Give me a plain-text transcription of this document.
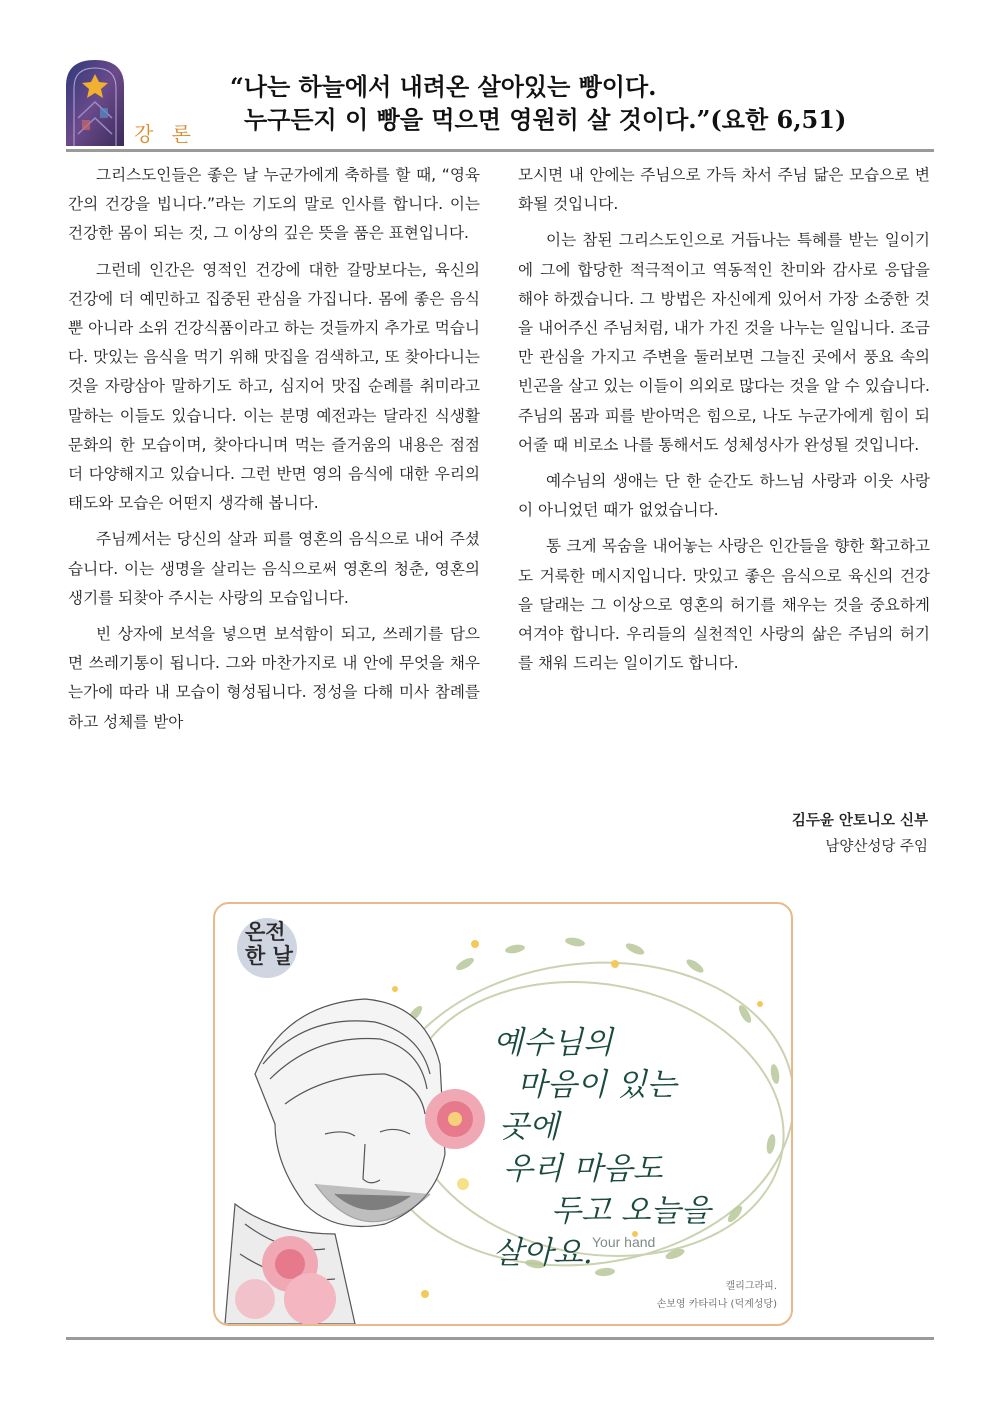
강 론
“나는 하늘에서 내려온 살아있는 빵이다.
누구든지 이 빵을 먹으면 영원히 살 것이다.”(요한 6,51)

그리스도인들은 좋은 날 누군가에게 축하를 할 때, “영육간의 건강을 빕니다.”라는 기도의 말로 인사를 합니다. 이는 건강한 몸이 되는 것, 그 이상의 깊은 뜻을 품은 표현입니다.

그런데 인간은 영적인 건강에 대한 갈망보다는, 육신의 건강에 더 예민하고 집중된 관심을 가집니다. 몸에 좋은 음식뿐 아니라 소위 건강식품이라고 하는 것들까지 추가로 먹습니다. 맛있는 음식을 먹기 위해 맛집을 검색하고, 또 찾아다니는 것을 자랑삼아 말하기도 하고, 심지어 맛집 순례를 취미라고 말하는 이들도 있습니다. 이는 분명 예전과는 달라진 식생활 문화의 한 모습이며, 찾아다니며 먹는 즐거움의 내용은 점점 더 다양해지고 있습니다. 그런 반면 영의 음식에 대한 우리의 태도와 모습은 어떤지 생각해 봅니다.

주님께서는 당신의 살과 피를 영혼의 음식으로 내어 주셨습니다. 이는 생명을 살리는 음식으로써 영혼의 청춘, 영혼의 생기를 되찾아 주시는 사랑의 모습입니다.

빈 상자에 보석을 넣으면 보석함이 되고, 쓰레기를 담으면 쓰레기통이 됩니다. 그와 마찬가지로 내 안에 무엇을 채우는가에 따라 내 모습이 형성됩니다. 정성을 다해 미사 참례를 하고 성체를 받아

모시면 내 안에는 주님으로 가득 차서 주님 닮은 모습으로 변화될 것입니다.

이는 참된 그리스도인으로 거듭나는 특혜를 받는 일이기에 그에 합당한 적극적이고 역동적인 찬미와 감사로 응답을 해야 하겠습니다. 그 방법은 자신에게 있어서 가장 소중한 것을 내어주신 주님처럼, 내가 가진 것을 나누는 일입니다. 조금만 관심을 가지고 주변을 둘러보면 그늘진 곳에서 풍요 속의 빈곤을 살고 있는 이들이 의외로 많다는 것을 알 수 있습니다. 주님의 몸과 피를 받아먹은 힘으로, 나도 누군가에게 힘이 되어줄 때 비로소 나를 통해서도 성체성사가 완성될 것입니다.

예수님의 생애는 단 한 순간도 하느님 사랑과 이웃 사랑이 아니었던 때가 없었습니다.

통 크게 목숨을 내어놓는 사랑은 인간들을 향한 확고하고도 거룩한 메시지입니다. 맛있고 좋은 음식으로 육신의 건강을 달래는 그 이상으로 영혼의 허기를 채우는 것을 중요하게 여겨야 합니다. 우리들의 실천적인 사랑의 삶은 주님의 허기를 채워 드리는 일이기도 합니다.

김두윤 안토니오 신부
남양산성당 주임
온전한 날
예수님의
마음이 있는
곳에
우리 마음도
두고 오늘을
살아요. Your hand
캘리그라피.
손보영 카타리나 (덕계성당)
